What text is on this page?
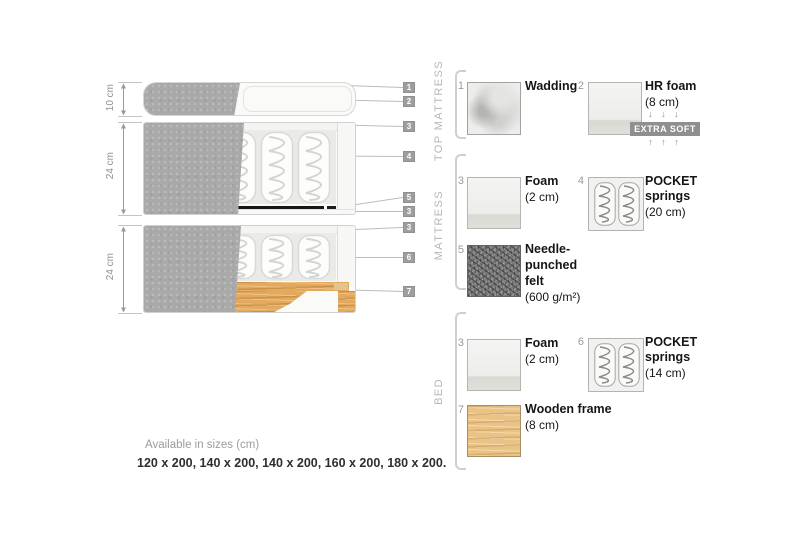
10 cm
24 cm
24 cm
1
2
3
4
5
3
3
6
7
TOP MATTRESS
MATTRESS
BED
1	Wadding 2	HR foam
(8 cm)
↓ ↓ ↓
EXTRA SOFT
↑ ↑ ↑
3	Foam
(2 cm)
4	POCKET
springs
(20 cm)
5	Needle-
punched
felt
(600 g/m²)
3	Foam
(2 cm)
6	POCKET
springs
(14 cm)
7	Wooden frame
(8 cm)
Available in sizes (cm)
120 x 200, 140 x 200, 140 x 200, 160 x 200, 180 x 200.
